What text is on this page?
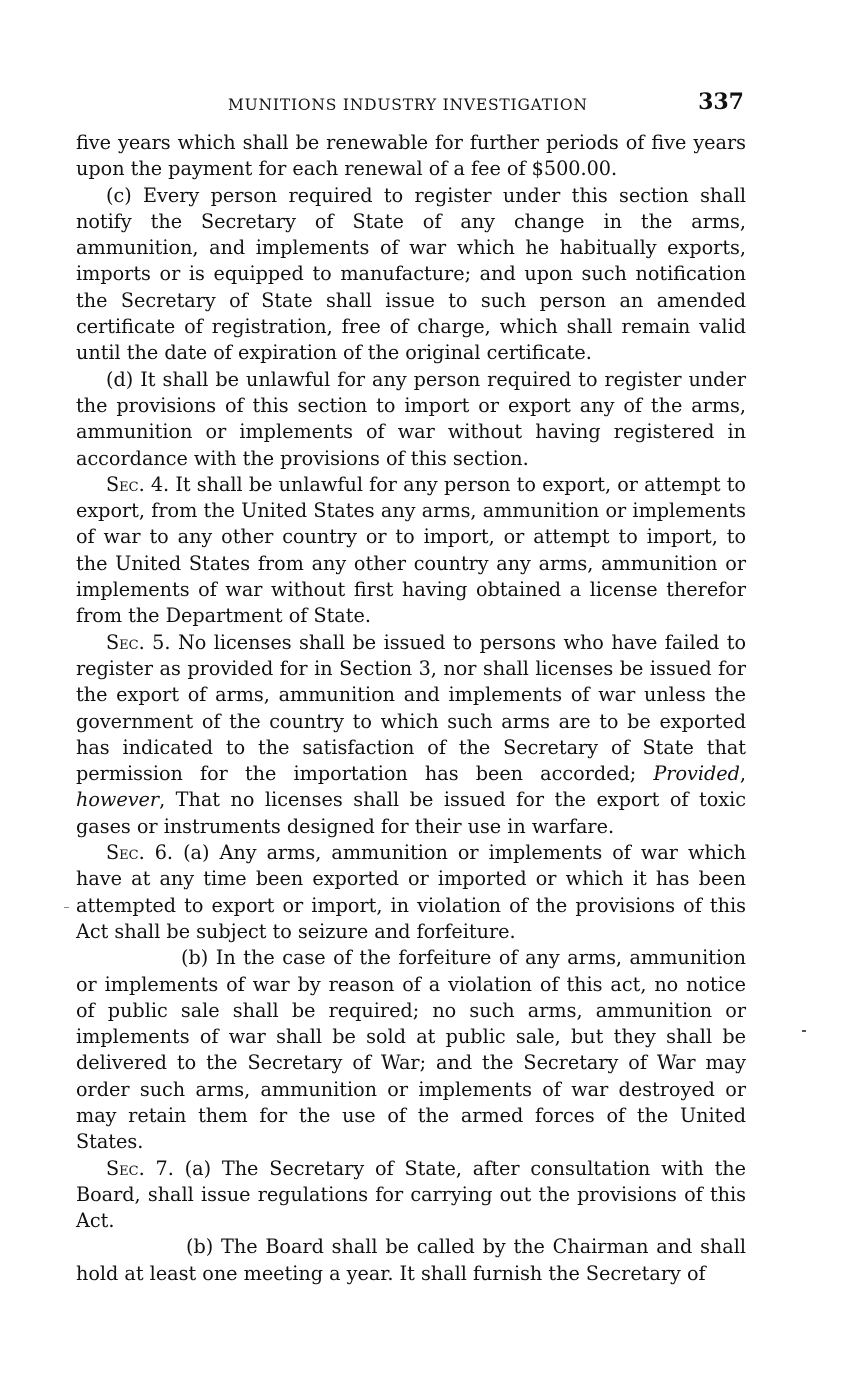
MUNITIONS INDUSTRY INVESTIGATION	337

five years which shall be renewable for further periods of five years upon the payment for each renewal of a fee of $500.00.

(c) Every person required to register under this section shall notify the Secretary of State of any change in the arms, ammunition, and implements of war which he habitually exports, imports or is equipped to manufacture; and upon such notification the Secretary of State shall issue to such person an amended certificate of registration, free of charge, which shall remain valid until the date of expiration of the original certificate.

(d) It shall be unlawful for any person required to register under the provisions of this section to import or export any of the arms, ammunition or implements of war without having registered in accordance with the provisions of this section.

Sec. 4. It shall be unlawful for any person to export, or attempt to export, from the United States any arms, ammunition or implements of war to any other country or to import, or attempt to import, to the United States from any other country any arms, ammunition or implements of war without first having obtained a license therefor from the Department of State.

Sec. 5. No licenses shall be issued to persons who have failed to register as provided for in Section 3, nor shall licenses be issued for the export of arms, ammunition and implements of war unless the government of the country to which such arms are to be exported has indicated to the satisfaction of the Secretary of State that permission for the importation has been accorded; Provided, however, That no licenses shall be issued for the export of toxic gases or instruments designed for their use in warfare.

Sec. 6. (a) Any arms, ammunition or implements of war which have at any time been exported or imported or which it has been attempted to export or import, in violation of the provisions of this Act shall be subject to seizure and forfeiture.

(b) In the case of the forfeiture of any arms, ammunition or implements of war by reason of a violation of this act, no notice of public sale shall be required; no such arms, ammunition or implements of war shall be sold at public sale, but they shall be delivered to the Secretary of War; and the Secretary of War may order such arms, ammunition or implements of war destroyed or may retain them for the use of the armed forces of the United States.

Sec. 7. (a) The Secretary of State, after consultation with the Board, shall issue regulations for carrying out the provisions of this Act.

(b) The Board shall be called by the Chairman and shall hold at least one meeting a year. It shall furnish the Secretary of
